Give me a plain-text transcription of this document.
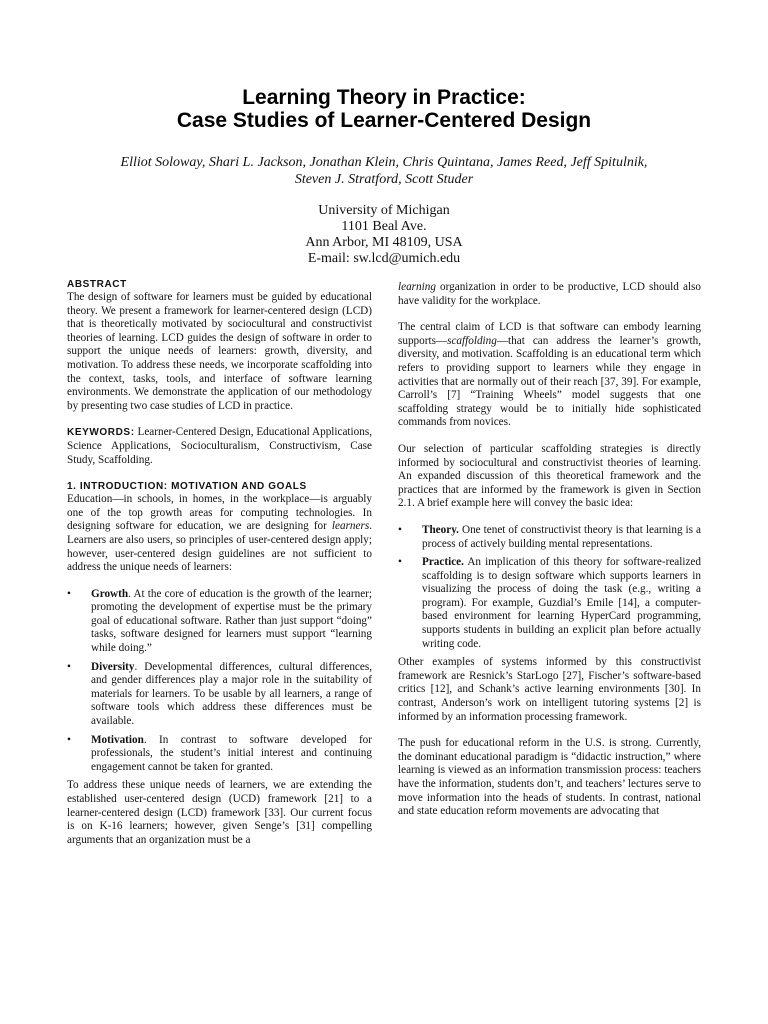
Learning Theory in Practice:
Case Studies of Learner-Centered Design
Elliot Soloway, Shari L. Jackson, Jonathan Klein, Chris Quintana, James Reed, Jeff Spitulnik,
Steven J. Stratford, Scott Studer
University of Michigan
1101 Beal Ave.
Ann Arbor, MI 48109, USA
E-mail: sw.lcd@umich.edu
ABSTRACT

The design of software for learners must be guided by educational theory. We present a framework for learner-centered design (LCD) that is theoretically motivated by sociocultural and constructivist theories of learning. LCD guides the design of software in order to support the unique needs of learners: growth, diversity, and motivation. To address these needs, we incorporate scaffolding into the context, tasks, tools, and interface of software learning environments. We demonstrate the application of our methodology by presenting two case studies of LCD in practice.

KEYWORDS: Learner-Centered Design, Educational Applications, Science Applications, Socioculturalism, Constructivism, Case Study, Scaffolding.

1. INTRODUCTION: MOTIVATION AND GOALS

Education—in schools, in homes, in the workplace—is arguably one of the top growth areas for computing technologies. In designing software for education, we are designing for learners. Learners are also users, so principles of user-centered design apply; however, user-centered design guidelines are not sufficient to address the unique needs of learners:

• Growth. At the core of education is the growth of the learner; promoting the development of expertise must be the primary goal of educational software. Rather than just support “doing” tasks, software designed for learners must support “learning while doing.”
• Diversity. Developmental differences, cultural differences, and gender differences play a major role in the suitability of materials for learners. To be usable by all learners, a range of software tools which address these differences must be available.
• Motivation. In contrast to software developed for professionals, the student’s initial interest and continuing engagement cannot be taken for granted.

To address these unique needs of learners, we are extending the established user-centered design (UCD) framework [21] to a learner-centered design (LCD) framework [33]. Our current focus is on K-16 learners; however, given Senge’s [31] compelling arguments that an organization must be a

learning organization in order to be productive, LCD should also have validity for the workplace.

The central claim of LCD is that software can embody learning supports—scaffolding—that can address the learner’s growth, diversity, and motivation. Scaffolding is an educational term which refers to providing support to learners while they engage in activities that are normally out of their reach [37, 39]. For example, Carroll’s [7] “Training Wheels” model suggests that one scaffolding strategy would be to initially hide sophisticated commands from novices.

Our selection of particular scaffolding strategies is directly informed by sociocultural and constructivist theories of learning. An expanded discussion of this theoretical framework and the practices that are informed by the framework is given in Section 2.1. A brief example here will convey the basic idea:

• Theory. One tenet of constructivist theory is that learning is a process of actively building mental representations.
• Practice. An implication of this theory for software-realized scaffolding is to design software which supports learners in visualizing the process of doing the task (e.g., writing a program). For example, Guzdial’s Emile [14], a computer-based environment for learning HyperCard programming, supports students in building an explicit plan before actually writing code.

Other examples of systems informed by this constructivist framework are Resnick’s StarLogo [27], Fischer’s software-based critics [12], and Schank’s active learning environments [30]. In contrast, Anderson’s work on intelligent tutoring systems [2] is informed by an information processing framework.

The push for educational reform in the U.S. is strong. Currently, the dominant educational paradigm is “didactic instruction,” where learning is viewed as an information transmission process: teachers have the information, students don’t, and teachers’ lectures serve to move information into the heads of students. In contrast, national and state education reform movements are advocating that
